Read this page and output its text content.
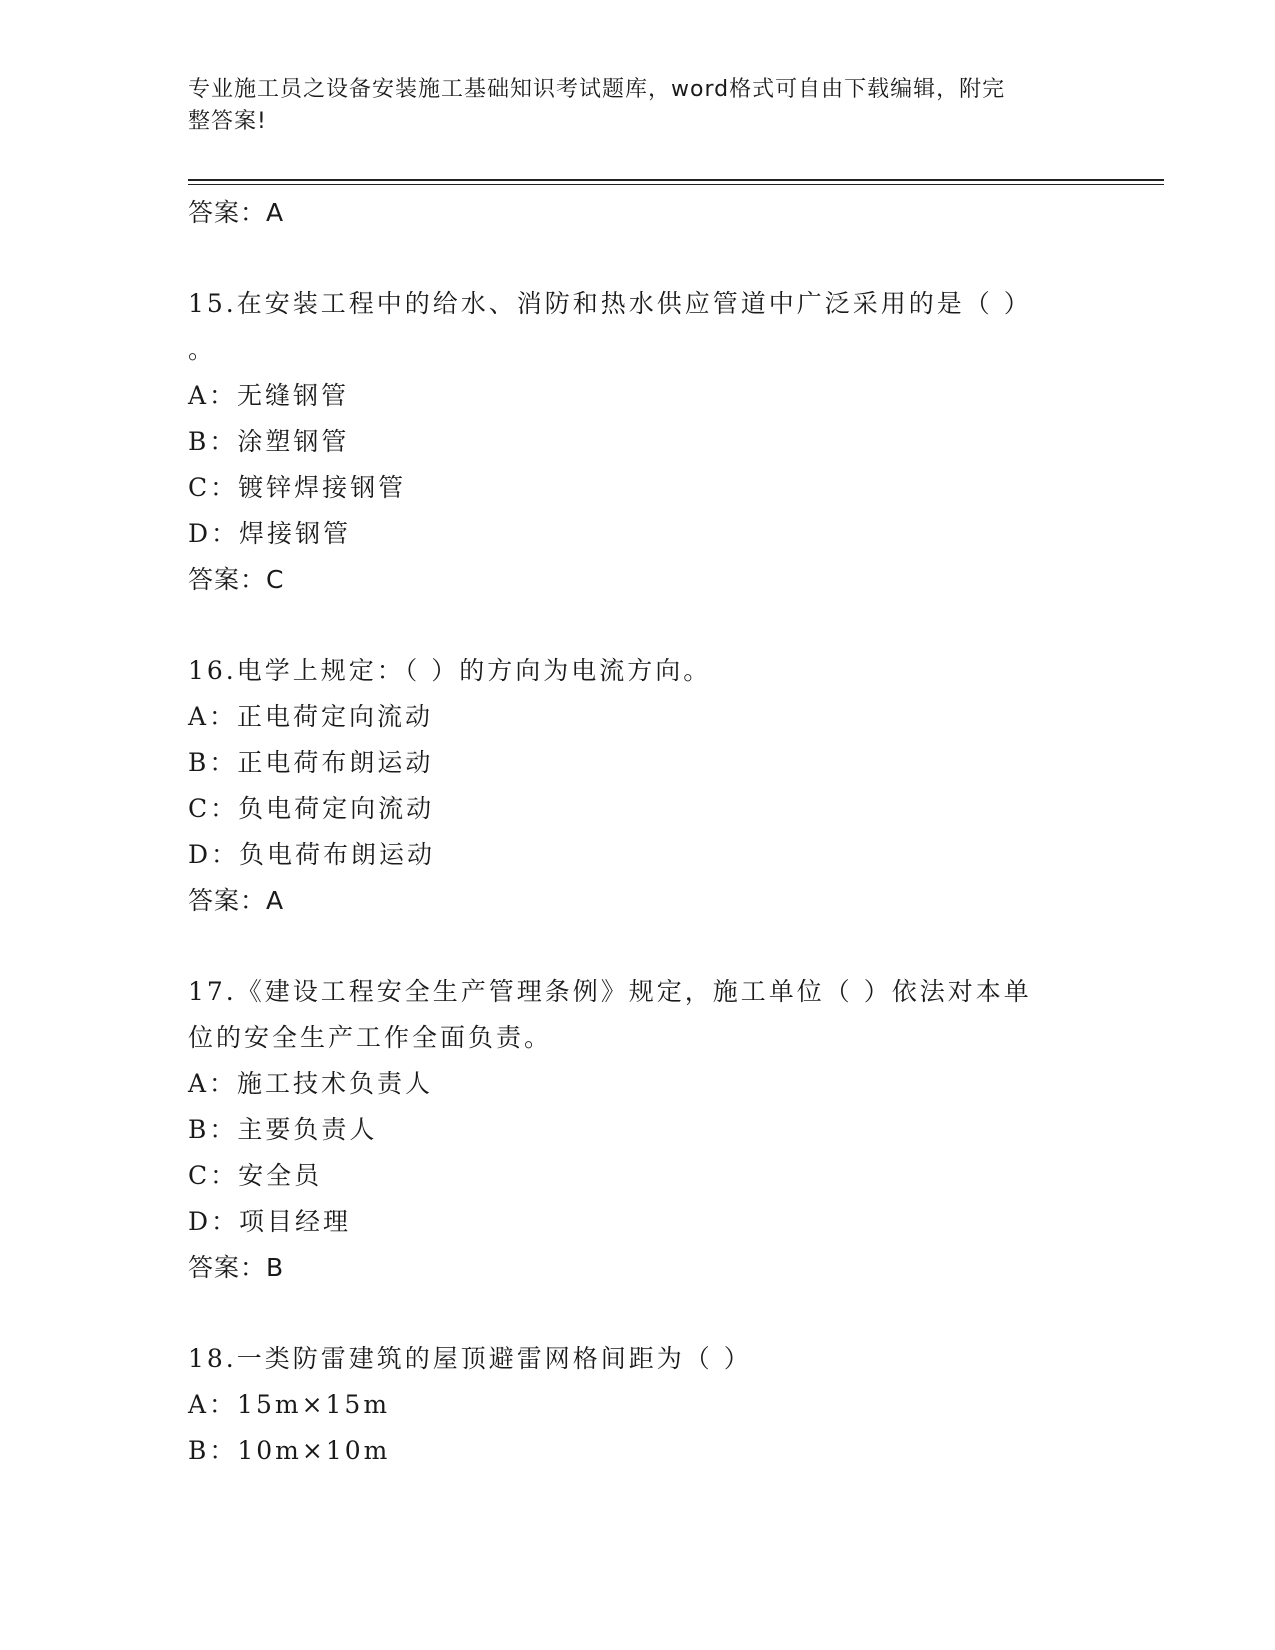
专业施工员之设备安装施工基础知识考试题库，word格式可自由下载编辑，附完
整答案!
答案：A
15.在安装工程中的给水、消防和热水供应管道中广泛采用的是（ ）
。
A：无缝钢管
B：涂塑钢管
C：镀锌焊接钢管
D：焊接钢管
答案：C
16.电学上规定：（ ）的方向为电流方向。
A：正电荷定向流动
B：正电荷布朗运动
C：负电荷定向流动
D：负电荷布朗运动
答案：A
17.《建设工程安全生产管理条例》规定，施工单位（ ）依法对本单
位的安全生产工作全面负责。
A：施工技术负责人
B：主要负责人
C：安全员
D：项目经理
答案：B
18.一类防雷建筑的屋顶避雷网格间距为（ ）
A：15m×15m
B：10m×10m
